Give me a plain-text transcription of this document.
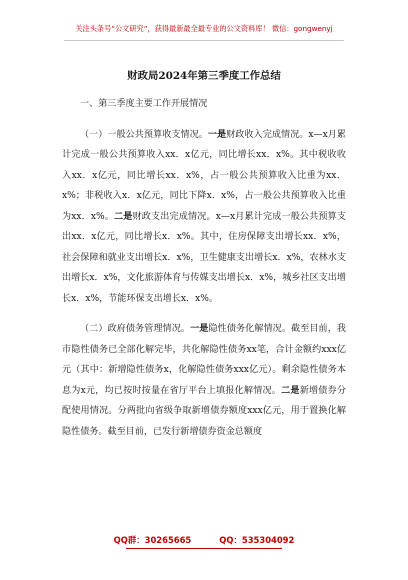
关注头条号“公文研究”，获得最新最全最专业的公文资料库！ 微信：gongwenyj
财政局2024年第三季度工作总结

一、第三季度主要工作开展情况

（一）一般公共预算收支情况。一是财政收入完成情况。x—x月累计完成一般公共预算收入xx．x亿元，同比增长xx．x%。其中税收收入xx．x亿元，同比增长xx．x%，占一般公共预算收入比重为xx．x%；非税收入x．x亿元，同比下降x．x%，占一般公共预算收入比重为xx．x%。二是财政支出完成情况。x—x月累计完成一般公共预算支出xx．x亿元，同比增长x．x%。其中，住房保障支出增长xx．x%，社会保障和就业支出增长x．x%，卫生健康支出增长x．x%，农林水支出增长x．x%，文化旅游体育与传媒支出增长x．x%，城乡社区支出增长x．x%，节能环保支出增长x．x%。

（二）政府债务管理情况。一是隐性债务化解情况。截至目前，我市隐性债务已全部化解完毕，共化解隐性债务xx笔，合计金额约xxx亿元（其中：新增隐性债务x，化解隐性债务xxx亿元）。剩余隐性债务本息为x元，均已按时按量在省厅平台上填报化解情况。二是新增债券分配使用情况。分两批向省级争取新增债券额度xxx亿元，用于置换化解隐性债务。截至目前，已发行新增债券资金总额度

QQ群：30265665	QQ：535304092
